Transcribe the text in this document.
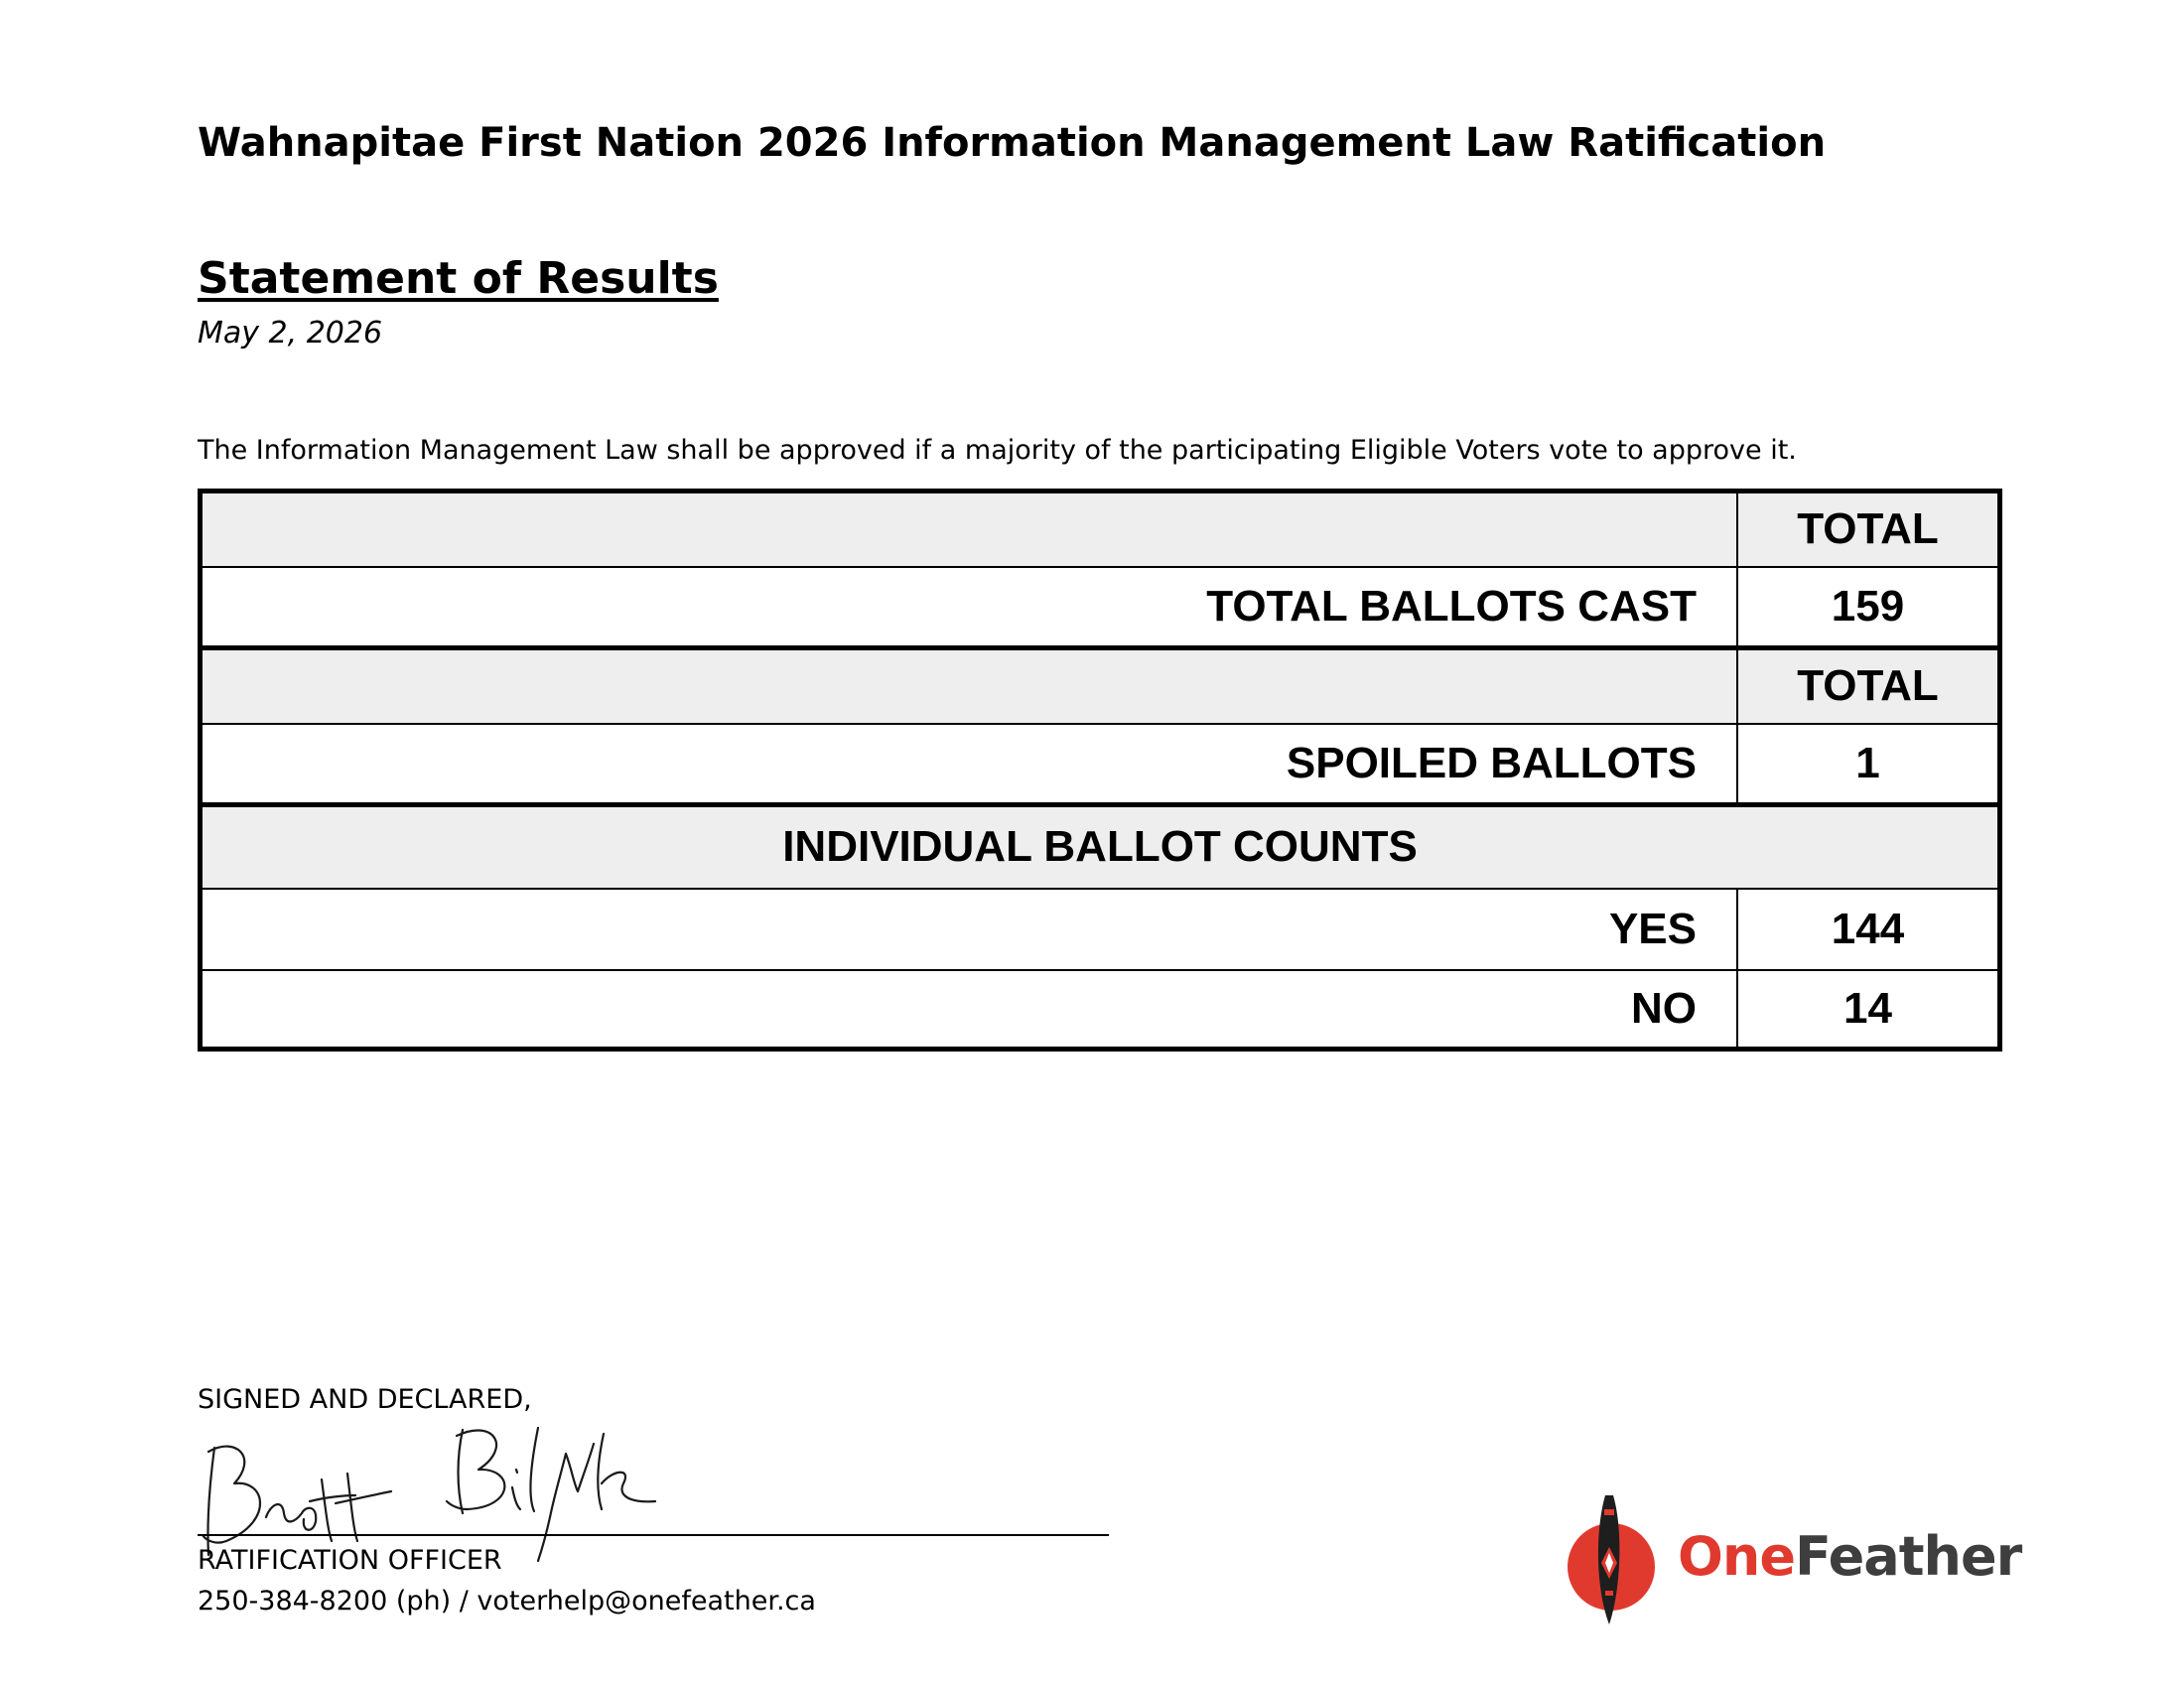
Wahnapitae First Nation 2026 Information Management Law Ratification
Statement of Results
May 2, 2026
The Information Management Law shall be approved if a majority of the participating Eligible Voters vote to approve it.
	TOTAL
TOTAL BALLOTS CAST	159
	TOTAL
SPOILED BALLOTS	1
INDIVIDUAL BALLOT COUNTS	
YES	144
NO	14
SIGNED AND DECLARED,
RATIFICATION OFFICER
250-384-8200 (ph) / voterhelp@onefeather.ca
OneFeather
